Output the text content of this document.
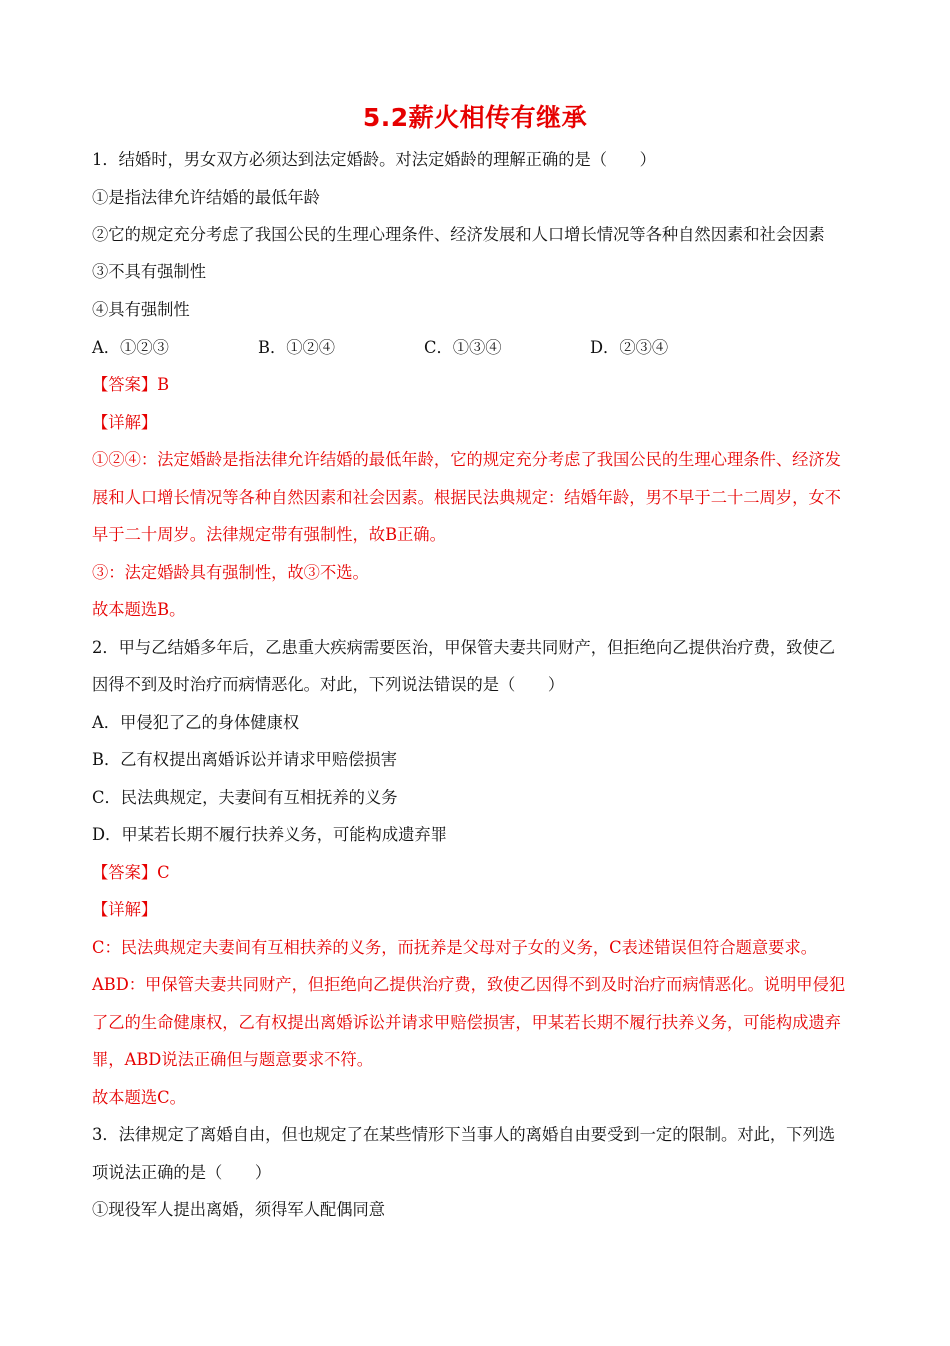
5.2薪火相传有继承
1．结婚时，男女双方必须达到法定婚龄。对法定婚龄的理解正确的是（　　）
①是指法律允许结婚的最低年龄
②它的规定充分考虑了我国公民的生理心理条件、经济发展和人口增长情况等各种自然因素和社会因素
③不具有强制性
④具有强制性
A．①②③	B．①②④	C．①③④	D．②③④
【答案】B
【详解】
①②④：法定婚龄是指法律允许结婚的最低年龄，它的规定充分考虑了我国公民的生理心理条件、经济发
展和人口增长情况等各种自然因素和社会因素。根据民法典规定：结婚年龄，男不早于二十二周岁，女不
早于二十周岁。法律规定带有强制性，故B正确。
③：法定婚龄具有强制性，故③不选。
故本题选B。
2．甲与乙结婚多年后，乙患重大疾病需要医治，甲保管夫妻共同财产，但拒绝向乙提供治疗费，致使乙
因得不到及时治疗而病情恶化。对此，下列说法错误的是（　　）
A．甲侵犯了乙的身体健康权
B．乙有权提出离婚诉讼并请求甲赔偿损害
C．民法典规定，夫妻间有互相抚养的义务
D．甲某若长期不履行扶养义务，可能构成遗弃罪
【答案】C
【详解】
C：民法典规定夫妻间有互相扶养的义务，而抚养是父母对子女的义务，C表述错误但符合题意要求。
ABD：甲保管夫妻共同财产，但拒绝向乙提供治疗费，致使乙因得不到及时治疗而病情恶化。说明甲侵犯
了乙的生命健康权，乙有权提出离婚诉讼并请求甲赔偿损害，甲某若长期不履行扶养义务，可能构成遗弃
罪，ABD说法正确但与题意要求不符。
故本题选C。
3．法律规定了离婚自由，但也规定了在某些情形下当事人的离婚自由要受到一定的限制。对此，下列选
项说法正确的是（　　）
①现役军人提出离婚，须得军人配偶同意
